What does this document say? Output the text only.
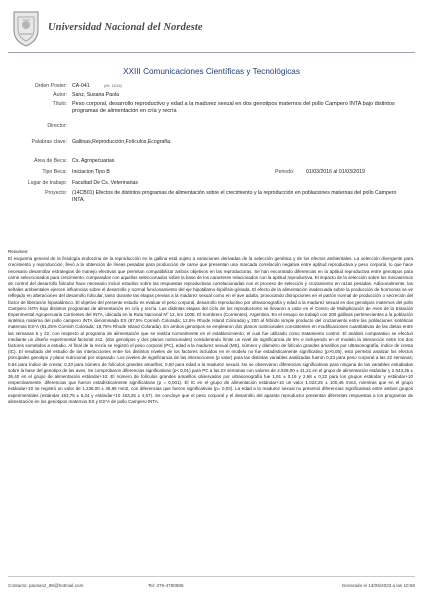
Universidad Nacional del Nordeste
XXIII Comunicaciones Científicas y Tecnológicas
Orden Poster: CA-041	(ID: 1019)
Autor: Sanz, Susana Paola
Título: Peso corporal, desarrollo reproductivo y edad a la madurez sexual en dos genotipos maternos del pollo Campero INTA bajo distintos programas de alimentación en cría y recría
Director:
Palabras clave: Gallinas,Reproducción,Folículos,Ecografía.
Área de Beca: Cs. Agropecuarias
Tipo Beca: Iniciacion Tipo B	Periodo: 01/03/2016 al 01/03/2019
Lugar de trabajo: Facultad De Cs. Veterinarias
Proyecto: (14CB01) Efectos de distintos programas de alimentación sobre el crecimiento y la reproducción en poblaciones maternas del pollo Campero INTA.
Resumen:
El esquema general de la fisiología endocrina de la reproducción en la gallina está sujeto a variaciones derivadas de la selección genética y de los efectos ambientales. La selección divergente para crecimiento y reproducción, llevó a la obtención de líneas pesadas para producción de carne que presentan una marcada correlación negativa entre aptitud reproductiva y peso corporal, lo que hace necesario desarrollar estrategias de manejo efectivas que permitan compatibilizar ambos objetivos en las reproductoras. Se han encontrado diferencias en la aptitud reproductiva entre genotipos para carne seleccionados para crecimiento, comparados con aquellos seleccionados sobre la base de los caracteres relacionados con la aptitud reproductiva. El impacto de la selección sobre los mecanismos de control del desarrollo folicular hace necesario incluir estudios sobre las respuestas reproductivas correlacionadas con el proceso de selección y cruzamiento en razas pesadas. Adicionalmente, las señales ambientales ejercen influencias sobre el desarrollo y normal funcionamiento del eje hipotálamo-hipófisis-gónada. El efecto de la alimentación inadecuada sobre la producción de hormonas se ve reflejado en alteraciones del desarrollo folicular, tanto durante las etapas previas a la madurez sexual como en el ave adulta, provocando disrupciones en el patrón normal de producción o secreción del factor de liberación hipotalámico. El objetivo del presente estudio es evaluar el peso corporal, desarrollo reproductivo por ultrasonografía y edad a la madurez sexual en dos genotipos maternos del pollo Campero INTA bajo distintos programas de alimentación en cría y recría. Las distintas etapas del ciclo de los reproductores se llevaron a cabo en el Centro de Multiplicación de Aves de la Estación Experimental Agropecuaria Corrientes del INTA, ubicada en la Ruta Nacional Nº 12, km 1008, El Sombrero (Corrientes), Argentina. En el ensayo se trabajó con 200 gallinas pertenecientes a la población sintética materna del pollo campero INTA denominada ES (87,5% Cornish Colorada; 12,5% Rhode Island Colorada) y 200 al híbrido simple producto del cruzamiento entre las poblaciones sintéticas maternas ES*A (81,25% Cornish Colorada; 18,75% Rhode Island Colorada). En ambos genotipos se emplearon dos planos nutricionales consistentes en modificaciones cuantitativas de las dietas entre las semanas 5 y 22, con respecto al programa de alimentación que se realiza normalmente en el establecimiento, el cual fue utilizado como tratamiento control. El análisis comparativo se efectuó mediante un diseño experimental factorial 2x2, (dos genotipos y dos planos nutricionales) considerando límite un nivel de significancia de 5% e incluyendo en el modelo la interacción entre los dos factores sometidos a estudio. Al final de la recría se registró el peso corporal (PC), edad a la madurez sexual (MS), número y diámetro de folículo grandes amarillos por ultrasonografía, índice de cresta (IC). El resultado del estudio de las interacciones entre los distintos niveles de los factores incluidos en el modelo no fue estadísticamente significativo (p>0,05), esto permitió analizar los efectos principales genotipo y plano nutricional por separado. Los niveles de significancia de las interacciones (p valor) para las distintas variables analizadas fueron 0,23 para peso corporal a las 22 semanas; 0,64 para índice de cresta; 0,33 para número de folículos grandes amarillos; 0,50 para edad a la madurez sexual. No se observaron diferencias significativas para ninguna de las variables estudiadas sobre la base del genotipo de las aves. Se comprobaron diferencias significativas (p< 0,01) para PC a las 23 semanas con valores de 2.528,00 ± 41,21 en el grupo de alimentación estándar y 2.643,25 ± 36,40 en el grupo de alimentación estándar+10. El número de folículos grandes amarillos observados por ultrasonografía fue 1,91 ± 0,16 y 2,68 ± 0,22 para los grupos estándar y estándar+10 respectivamente, diferencias que fueron estadísticamente significativas (p = 0,001). El IC en el grupo de alimentación estándar+10 un valor 1.022,25 ± 100,46 mm2, mientras que en el grupo estándar+10 se registró un valor de 1.236,00 ± 36,86 mm2, con diferencias que fueron significativas (p= 0,02). La edad a la madurez sexual no presentó diferencias significativas entre ambos grupos experimentales (estándar 153,75 ± 6,24 y estándar+10 153,25 ± 4,57). Se concluye que el peso corporal y el desarrollo del aparato reproductor presentan diferentes respuestas a los programas de alimentación en los genotipos maternos ES y ES*A de pollo Campero INTA.
Contacto: paosanz_86@hotmail.com	Tel: 379-4790886	Generado el 13/06/2023 a las 10:58
